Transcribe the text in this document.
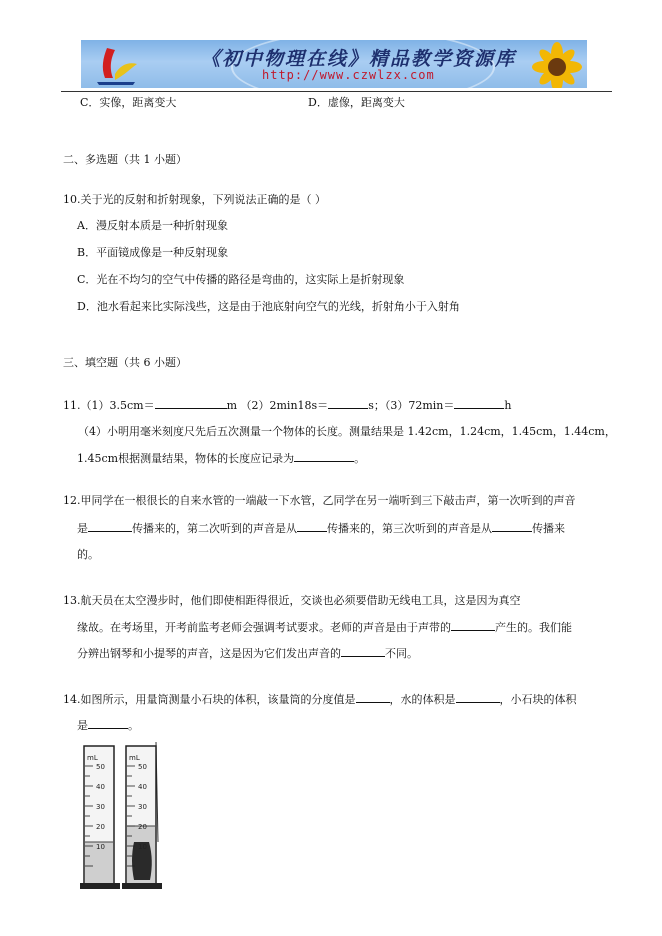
《初中物理在线》精品教学资源库
http://www.czwlzx.com
C．实像，距离变大	D．虚像，距离变大
二、多选题（共 1 小题）
10.关于光的反射和折射现象，下列说法正确的是（ ）
A．漫反射本质是一种折射现象
B．平面镜成像是一种反射现象
C．光在不均匀的空气中传播的路径是弯曲的，这实际上是折射现象
D．池水看起来比实际浅些，这是由于池底射向空气的光线，折射角小于入射角
三、填空题（共 6 小题）
11.（1）3.5cm＝	m （2）2min18s＝	s；（3）72min＝	h
（4）小明用毫米刻度尺先后五次测量一个物体的长度。测量结果是 1.42cm，1.24cm，1.45cm，1.44cm，
1.45cm根据测量结果，物体的长度应记录为	。
12.甲同学在一根很长的自来水管的一端敲一下水管，乙同学在另一端听到三下敲击声，第一次听到的声音
是	传播来的，第二次听到的声音是从	传播来的，第三次听到的声音是从	传播来
的。
13.航天员在太空漫步时，他们即使相距得很近，交谈也必须要借助无线电工具，这是因为真空
缘故。在考场里，开考前监考老师会强调考试要求。老师的声音是由于声带的	产生的。我们能
分辨出钢琴和小提琴的声音，这是因为它们发出声音的	不同。
14.如图所示，用量筒测量小石块的体积，该量筒的分度值是	，水的体积是	，小石块的体积
是	。
mL
50
40
30
20
10
mL
50
40
30
20
10
